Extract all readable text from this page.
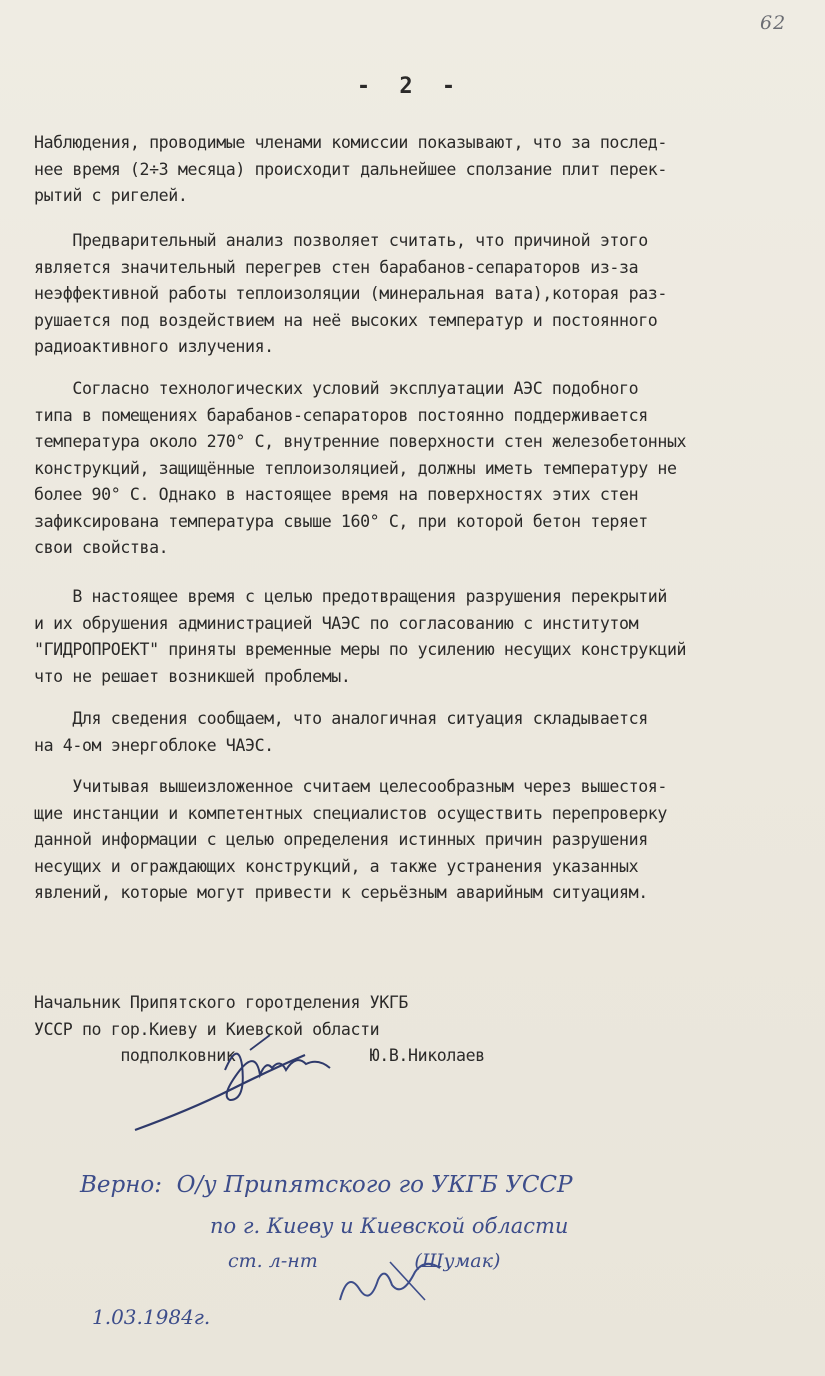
62
- 2 -
Наблюдения, проводимые членами комиссии показывают, что за послед-
нее время (2÷3 месяца) происходит дальнейшее сползание плит перек-
рытий с ригелей.
Предварительный анализ позволяет считать, что причиной этого
является значительный перегрев стен барабанов-сепараторов из-за
неэффективной работы теплоизоляции (минеральная вата),которая раз-
рушается под воздействием на неё высоких температур и постоянного
радиоактивного излучения.
Согласно технологических условий эксплуатации АЭС подобного
типа в помещениях барабанов-сепараторов постоянно поддерживается
температура около 270° С, внутренние поверхности стен железобетонных
конструкций, защищённые теплоизоляцией, должны иметь температуру не
более 90° С. Однако в настоящее время на поверхностях этих стен
зафиксирована температура свыше 160° С, при которой бетон теряет
свои свойства.
В настоящее время с целью предотвращения разрушения перекрытий
и их обрушения администрацией ЧАЭС по согласованию с институтом
"ГИДРОПРОЕКТ" приняты временные меры по усилению несущих конструкций
что не решает возникшей проблемы.
Для сведения сообщаем, что аналогичная ситуация складывается
на 4-ом энергоблоке ЧАЭС.
Учитывая вышеизложенное считаем целесообразным через вышестоя-
щие инстанции и компетентных специалистов осуществить перепроверку
данной информации с целью определения истинных причин разрушения
несущих и ограждающих конструкций, а также устранения указанных
явлений, которые могут привести к серьёзным аварийным ситуациям.
Начальник Припятского горотделения УКГБ
УССР по гор.Киеву и Киевской области
подполковник              Ю.В.Николаев
Верно:  О/у Припятского го УКГБ УССР
по г. Киеву и Киевской области
ст. л-нт                (Шумак)
1.03.1984г.
